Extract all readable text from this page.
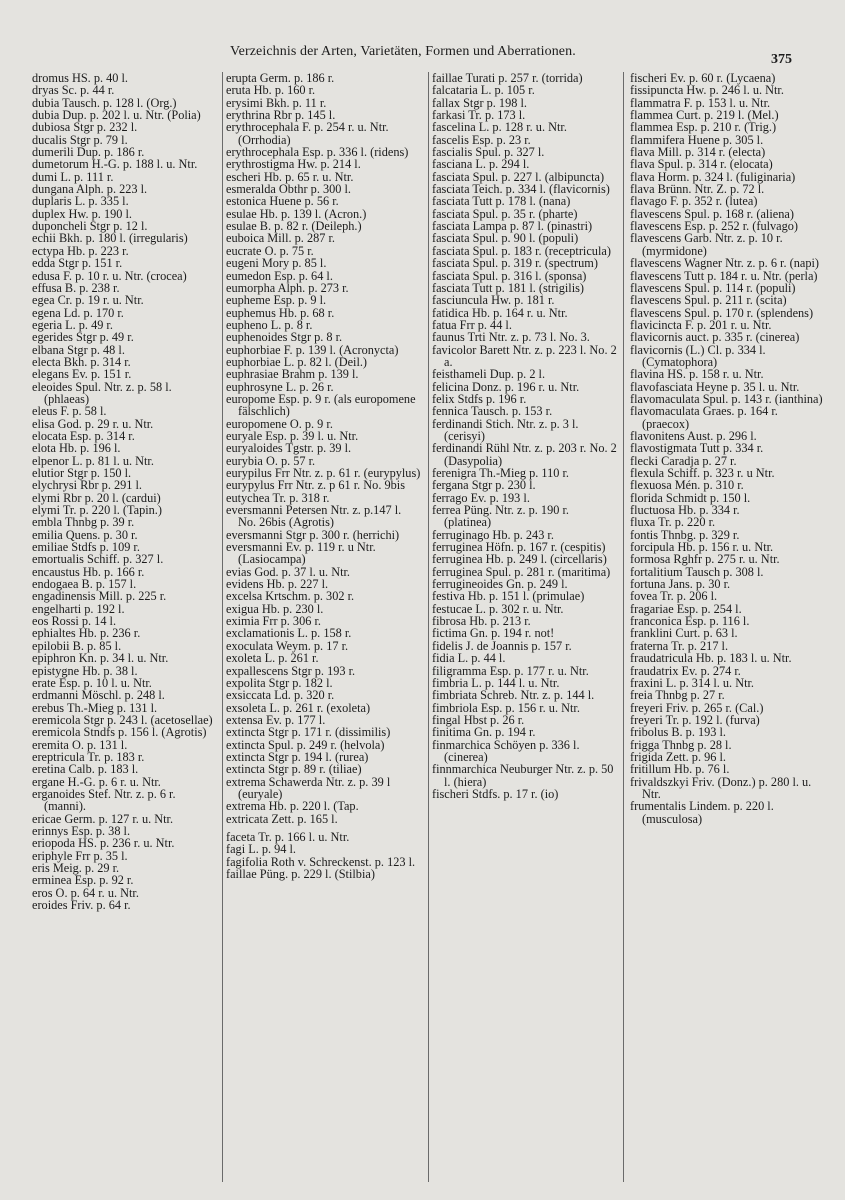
Verzeichnis der Arten, Varietäten, Formen und Aberrationen.
375
dromus HS. p. 40 l.
dryas Sc. p. 44 r.
dubia Tausch. p. 128 l. (Org.)
dubia Dup. p. 202 l. u. Ntr. (Polia)
dubiosa Stgr p. 232 l.
ducalis Stgr p. 79 l.
dumerili Dup. p. 186 r.
dumetorum H.-G. p. 188 l. u. Ntr.
dumi L. p. 111 r.
dungana Alph. p. 223 l.
duplaris L. p. 335 l.
duplex Hw. p. 190 l.
duponcheli Stgr p. 12 l.
echii Bkh. p. 180 l. (irregularis)
ectypa Hb. p. 223 r.
edda Stgr p. 151 r.
edusa F. p. 10 r. u. Ntr. (crocea)
effusa B. p. 238 r.
egea Cr. p. 19 r. u. Ntr.
egena Ld. p. 170 r.
egeria L. p. 49 r.
egerides Stgr p. 49 r.
elbana Stgr p. 48 l.
electa Bkh. p. 314 r.
elegans Ev. p. 151 r.
eleoides Spul. Ntr. z. p. 58 l. (phlaeas)
eleus F. p. 58 l.
elisa God. p. 29 r. u. Ntr.
elocata Esp. p. 314 r.
elota Hb. p. 196 l.
elpenor L. p. 81 l. u. Ntr.
elutior Stgr p. 150 l.
elychrysi Rbr p. 291 l.
elymi Rbr p. 20 l. (cardui)
elymi Tr. p. 220 l. (Tapin.)
embla Thnbg p. 39 r.
emilia Quens. p. 30 r.
emiliae Stdfs p. 109 r.
emortualis Schiff. p. 327 l.
encaustus Hb. p. 166 r.
endogaea B. p. 157 l.
engadinensis Mill. p. 225 r.
engelharti p. 192 l.
eos Rossi p. 14 l.
ephialtes Hb. p. 236 r.
epilobii B. p. 85 l.
epiphron Kn. p. 34 l. u. Ntr.
epistygne Hb. p. 38 l.
erate Esp. p. 10 l. u. Ntr.
erdmanni Möschl. p. 248 l.
erebus Th.-Mieg p. 131 l.
eremicola Stgr p. 243 l. (acetosellae)
eremicola Stndfs p. 156 l. (Agrotis)
eremita O. p. 131 l.
ereptricula Tr. p. 183 r.
eretina Calb. p. 183 l.
ergane H.-G. p. 6 r. u. Ntr.
erganoides Stef. Ntr. z. p. 6 r. (manni).
ericae Germ. p. 127 r. u. Ntr.
erinnys Esp. p. 38 l.
eriopoda HS. p. 236 r. u. Ntr.
eriphyle Frr p. 35 l.
eris Meig. p. 29 r.
erminea Esp. p. 92 r.
eros O. p. 64 r. u. Ntr.
eroides Friv. p. 64 r.
erupta Germ. p. 186 r.
eruta Hb. p. 160 r.
erysimi Bkh. p. 11 r.
erythrina Rbr p. 145 l.
erythrocephala F. p. 254 r. u. Ntr. (Orrhodia)
erythrocephala Esp. p. 336 l. (ridens)
erythrostigma Hw. p. 214 l.
escheri Hb. p. 65 r. u. Ntr.
esmeralda Obthr p. 300 l.
estonica Huene p. 56 r.
esulae Hb. p. 139 l. (Acron.)
esulae B. p. 82 r. (Deileph.)
euboica Mill. p. 287 r.
eucrate O. p. 75 r.
eugeni Mory p. 85 l.
eumedon Esp. p. 64 l.
eumorpha Alph. p. 273 r.
eupheme Esp. p. 9 l.
euphemus Hb. p. 68 r.
eupheno L. p. 8 r.
euphenoides Stgr p. 8 r.
euphorbiae F. p. 139 l. (Acronycta)
euphorbiae L. p. 82 l. (Deil.)
euphrasiae Brahm p. 139 l.
euphrosyne L. p. 26 r.
europome Esp. p. 9 r. (als europomene fälschlich)
europomene O. p. 9 r.
euryale Esp. p. 39 l. u. Ntr.
euryaloides Tgstr. p. 39 l.
eurybia O. p. 57 r.
eurypilus Frr Ntr. z. p. 61 r. (eurypylus)
eurypylus Frr Ntr. z. p 61 r. No. 9bis
eutychea Tr. p. 318 r.
eversmanni Petersen Ntr. z. p.147 l. No. 26bis (Agrotis)
eversmanni Stgr p. 300 r. (herrichi)
eversmanni Ev. p. 119 r. u Ntr. (Lasiocampa)
evias God. p. 37 l. u. Ntr.
evidens Hb. p. 227 l.
excelsa Krtschm. p. 302 r.
exigua Hb. p. 230 l.
eximia Frr p. 306 r.
exclamationis L. p. 158 r.
exoculata Weym. p. 17 r.
exoleta L. p. 261 r.
expallescens Stgr p. 193 r.
expolita Stgr p. 182 l.
exsiccata Ld. p. 320 r.
exsoleta L. p. 261 r. (exoleta)
extensa Ev. p. 177 l.
extincta Stgr p. 171 r. (dissimilis)
extincta Spul. p. 249 r. (helvola)
extincta Stgr p. 194 l. (rurea)
extincta Stgr p. 89 r. (tiliae)
extrema Schawerda Ntr. z. p. 39 l (euryale)
extrema Hb. p. 220 l. (Tap.
extricata Zett. p. 165 l.
faceta Tr. p. 166 l. u. Ntr.
fagi L. p. 94 l.
fagifolia Roth v. Schreckenst. p. 123 l.
faillae Püng. p. 229 l. (Stilbia)
faillae Turati p. 257 r. (torrida)
falcataria L. p. 105 r.
fallax Stgr p. 198 l.
farkasi Tr. p. 173 l.
fascelina L. p. 128 r. u. Ntr.
fascelis Esp. p. 23 r.
fascialis Spul. p. 327 l.
fasciana L. p. 294 l.
fasciata Spul. p. 227 l. (albipuncta)
fasciata Teich. p. 334 l. (flavicornis)
fasciata Tutt p. 178 l. (nana)
fasciata Spul. p. 35 r. (pharte)
fasciata Lampa p. 87 l. (pinastri)
fasciata Spul. p. 90 l. (populi)
fasciata Spul. p. 183 r. (receptricula)
fasciata Spul. p. 319 r. (spectrum)
fasciata Spul. p. 316 l. (sponsa)
fasciata Tutt p. 181 l. (strigilis)
fasciuncula Hw. p. 181 r.
fatidica Hb. p. 164 r. u. Ntr.
fatua Frr p. 44 l.
faunus Trti Ntr. z. p. 73 l. No. 3.
favicolor Barett Ntr. z. p. 223 l. No. 2 a.
feisthameli Dup. p. 2 l.
felicina Donz. p. 196 r. u. Ntr.
felix Stdfs p. 196 r.
fennica Tausch. p. 153 r.
ferdinandi Stich. Ntr. z. p. 3 l. (cerisyi)
ferdinandi Rühl Ntr. z. p. 203 r. No. 2 (Dasypolia)
ferenigra Th.-Mieg p. 110 r.
fergana Stgr p. 230 l.
ferrago Ev. p. 193 l.
ferrea Püng. Ntr. z. p. 190 r. (platinea)
ferruginago Hb. p. 243 r.
ferruginea Höfn. p. 167 r. (cespitis)
ferruginea Hb. p. 249 l. (circellaris)
ferruginea Spul. p. 281 r. (maritima)
ferrugineoides Gn. p. 249 l.
festiva Hb. p. 151 l. (primulae)
festucae L. p. 302 r. u. Ntr.
fibrosa Hb. p. 213 r.
fictima Gn. p. 194 r. not!
fidelis J. de Joannis p. 157 r.
fidia L. p. 44 l.
filigramma Esp. p. 177 r. u. Ntr.
fimbria L. p. 144 l. u. Ntr.
fimbriata Schreb. Ntr. z. p. 144 l.
fimbriola Esp. p. 156 r. u. Ntr.
fingal Hbst p. 26 r.
finitima Gn. p. 194 r.
finmarchica Schöyen p. 336 l. (cinerea)
finnmarchica Neuburger Ntr. z. p. 50 l. (hiera)
fischeri Stdfs. p. 17 r. (io)
fischeri Ev. p. 60 r. (Lycaena)
fissipuncta Hw. p. 246 l. u. Ntr.
flammatra F. p. 153 l. u. Ntr.
flammea Curt. p. 219 l. (Mel.)
flammea Esp. p. 210 r. (Trig.)
flammifera Huene p. 305 l.
flava Mill. p. 314 r. (electa)
flava Spul. p. 314 r. (elocata)
flava Horm. p. 324 l. (fuliginaria)
flava Brünn. Ntr. Z. p. 72 l.
flavago F. p. 352 r. (lutea)
flavescens Spul. p. 168 r. (aliena)
flavescens Esp. p. 252 r. (fulvago)
flavescens Garb. Ntr. z. p. 10 r. (myrmidone)
flavescens Wagner Ntr. z. p. 6 r. (napi)
flavescens Tutt p. 184 r. u. Ntr. (perla)
flavescens Spul. p. 114 r. (populi)
flavescens Spul. p. 211 r. (scita)
flavescens Spul. p. 170 r. (splendens)
flavicincta F. p. 201 r. u. Ntr.
flavicornis auct. p. 335 r. (cinerea)
flavicornis (L.) Cl. p. 334 l. (Cymatophora)
flavina HS. p. 158 r. u. Ntr.
flavofasciata Heyne p. 35 l. u. Ntr.
flavomaculata Spul. p. 143 r. (ianthina)
flavomaculata Graes. p. 164 r. (praecox)
flavonitens Aust. p. 296 l.
flavostigmata Tutt p. 334 r.
flecki Caradja p. 27 r.
flexula Schiff. p. 323 r. u Ntr.
flexuosa Mén. p. 310 r.
florida Schmidt p. 150 l.
fluctuosa Hb. p. 334 r.
fluxa Tr. p. 220 r.
fontis Thnbg. p. 329 r.
forcipula Hb. p. 156 r. u. Ntr.
formosa Rghfr p. 275 r. u. Ntr.
fortalitium Tausch p. 308 l.
fortuna Jans. p. 30 r.
fovea Tr. p. 206 l.
fragariae Esp. p. 254 l.
franconica Esp. p. 116 l.
franklini Curt. p. 63 l.
fraterna Tr. p. 217 l.
fraudatricula Hb. p. 183 l. u. Ntr.
fraudatrix Ev. p. 274 r.
fraxini L. p. 314 l. u. Ntr.
freia Thnbg p. 27 r.
freyeri Friv. p. 265 r. (Cal.)
freyeri Tr. p. 192 l. (furva)
fribolus B. p. 193 l.
frigga Thnbg p. 28 l.
frigida Zett. p. 96 l.
fritillum Hb. p. 76 l.
frivaldszkyi Friv. (Donz.) p. 280 l. u. Ntr.
frumentalis Lindem. p. 220 l. (musculosa)
